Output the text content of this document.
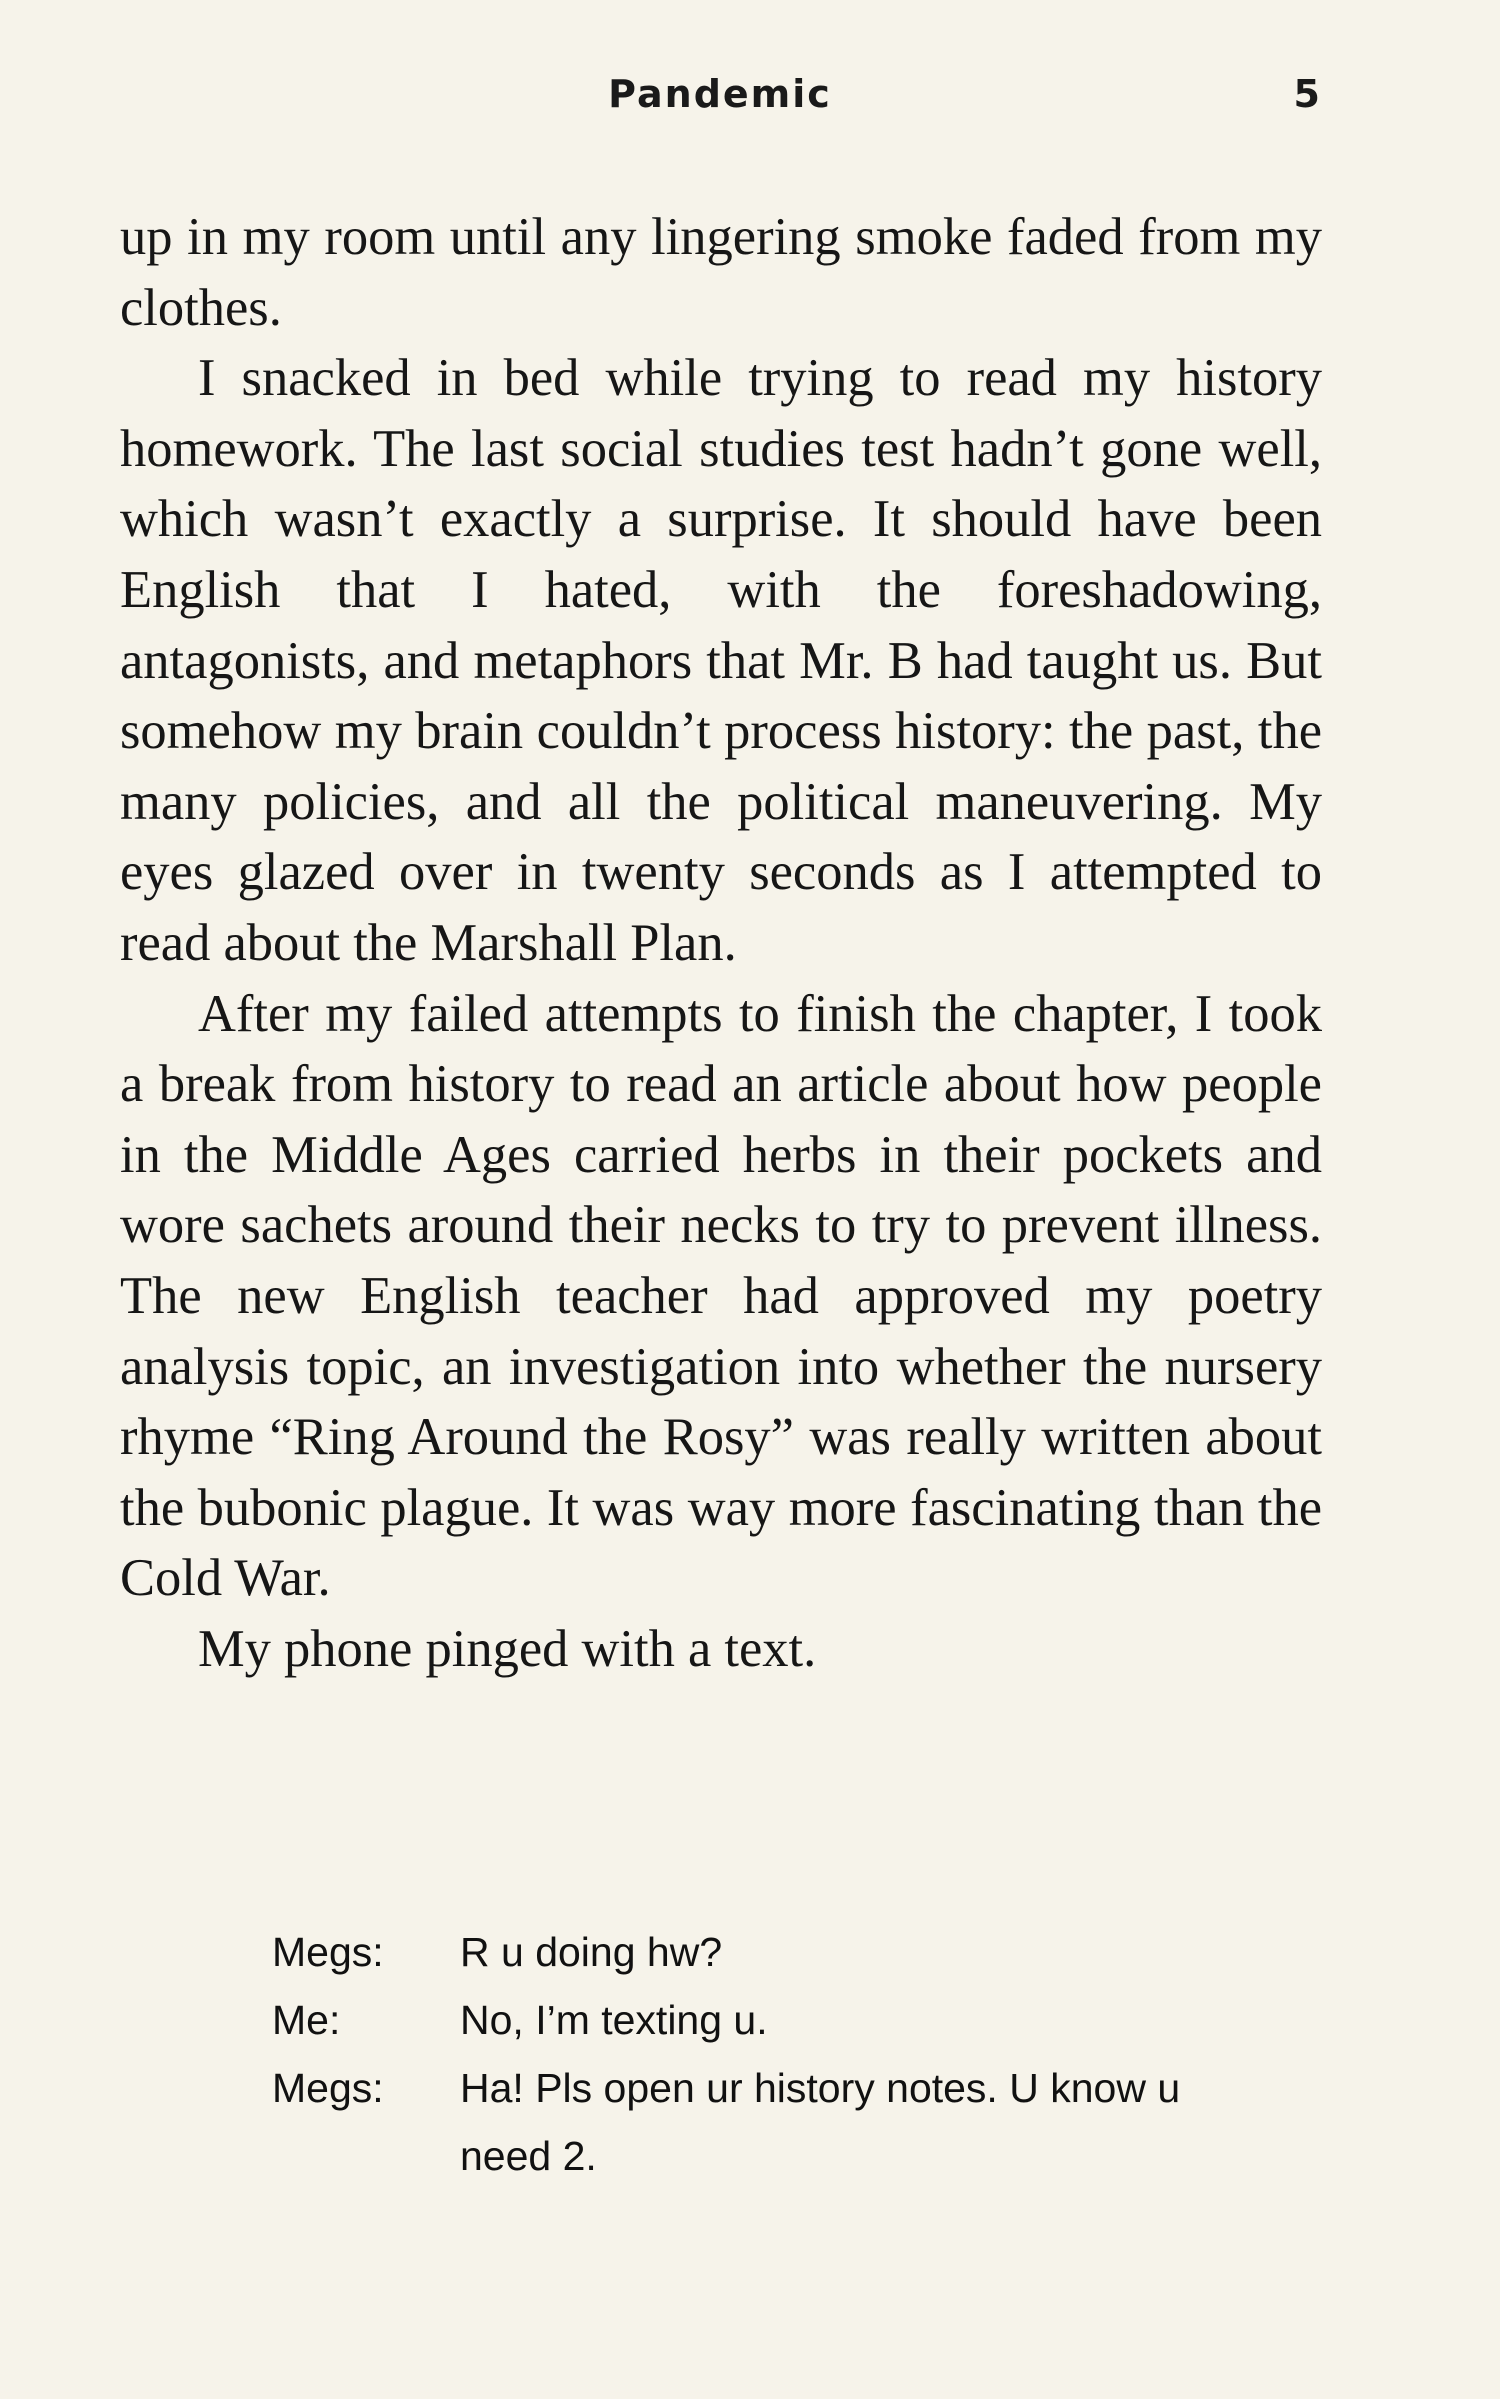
Pandemic	5

up in my room until any lingering smoke faded from my clothes.

I snacked in bed while trying to read my history homework. The last social studies test hadn’t gone well, which wasn’t exactly a surprise. It should have been English that I hated, with the foreshadowing, antagonists, and metaphors that Mr. B had taught us. But somehow my brain couldn’t process history: the past, the many policies, and all the political maneuvering. My eyes glazed over in twenty seconds as I attempted to read about the Marshall Plan.

After my failed attempts to finish the chapter, I took a break from history to read an article about how people in the Middle Ages carried herbs in their pockets and wore sachets around their necks to try to prevent illness. The new English teacher had approved my poetry analysis topic, an investigation into whether the nursery rhyme “Ring Around the Rosy” was really written about the bubonic plague. It was way more fascinating than the Cold War.

My phone pinged with a text.

Megs:	R u doing hw?
Me:	No, I’m texting u.
Megs:	Ha! Pls open ur history notes. U know u need 2.
